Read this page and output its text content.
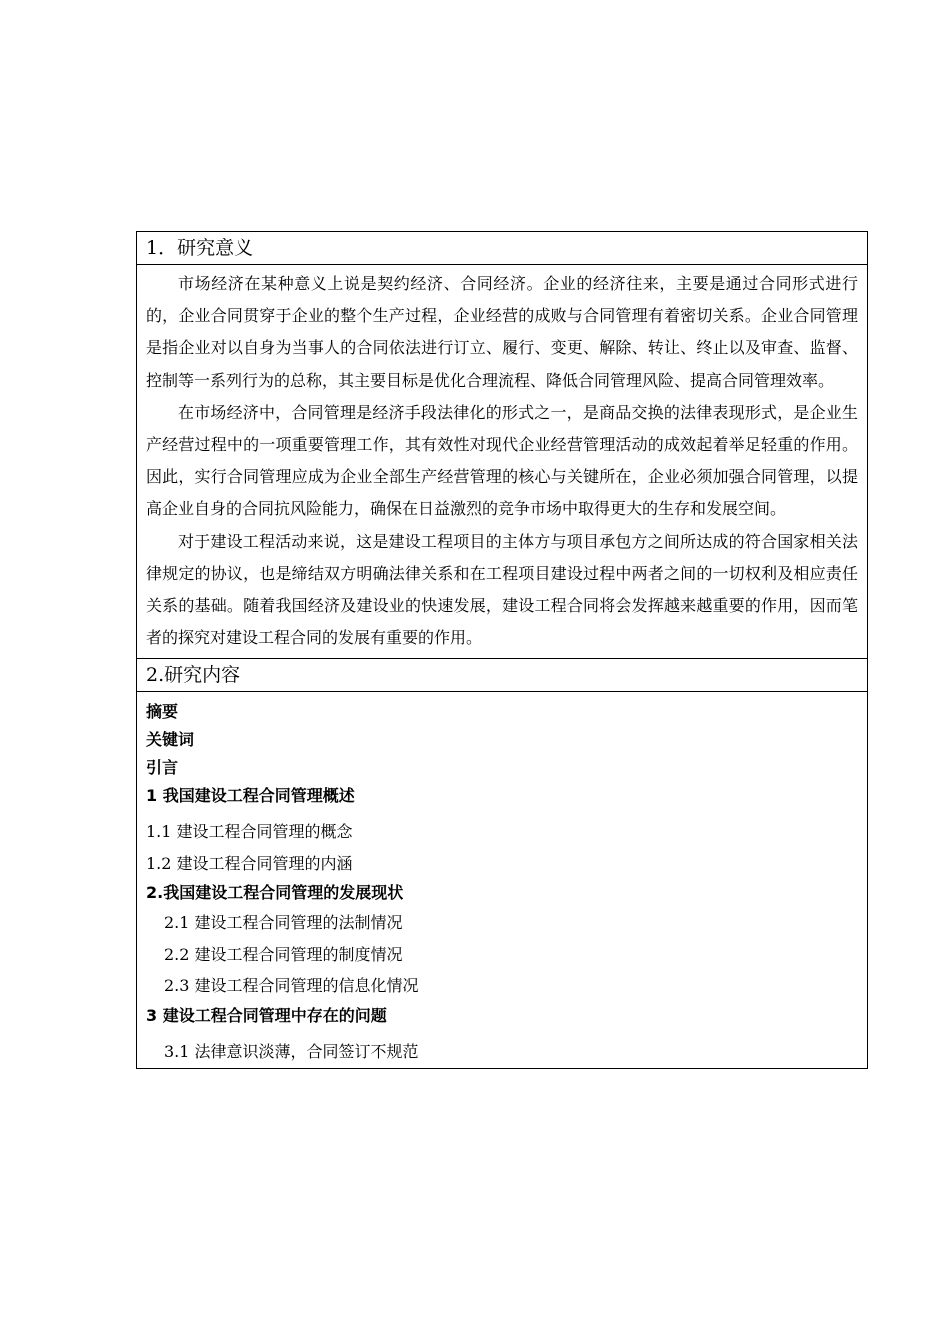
1．研究意义

市场经济在某种意义上说是契约经济、合同经济。企业的经济往来，主要是通过合同形式进行的，企业合同贯穿于企业的整个生产过程，企业经营的成败与合同管理有着密切关系。企业合同管理是指企业对以自身为当事人的合同依法进行订立、履行、变更、解除、转让、终止以及审查、监督、控制等一系列行为的总称，其主要目标是优化合理流程、降低合同管理风险、提高合同管理效率。

在市场经济中，合同管理是经济手段法律化的形式之一，是商品交换的法律表现形式，是企业生产经营过程中的一项重要管理工作，其有效性对现代企业经营管理活动的成效起着举足轻重的作用。因此，实行合同管理应成为企业全部生产经营管理的核心与关键所在，企业必须加强合同管理，以提高企业自身的合同抗风险能力，确保在日益激烈的竞争市场中取得更大的生存和发展空间。

对于建设工程活动来说，这是建设工程项目的主体方与项目承包方之间所达成的符合国家相关法律规定的协议，也是缔结双方明确法律关系和在工程项目建设过程中两者之间的一切权利及相应责任关系的基础。随着我国经济及建设业的快速发展，建设工程合同将会发挥越来越重要的作用，因而笔者的探究对建设工程合同的发展有重要的作用。

2.研究内容
摘要
关键词
引言
1 我国建设工程合同管理概述
1.1 建设工程合同管理的概念
1.2 建设工程合同管理的内涵
2.我国建设工程合同管理的发展现状
2.1 建设工程合同管理的法制情况
2.2 建设工程合同管理的制度情况
2.3 建设工程合同管理的信息化情况
3 建设工程合同管理中存在的问题
3.1 法律意识淡薄，合同签订不规范
